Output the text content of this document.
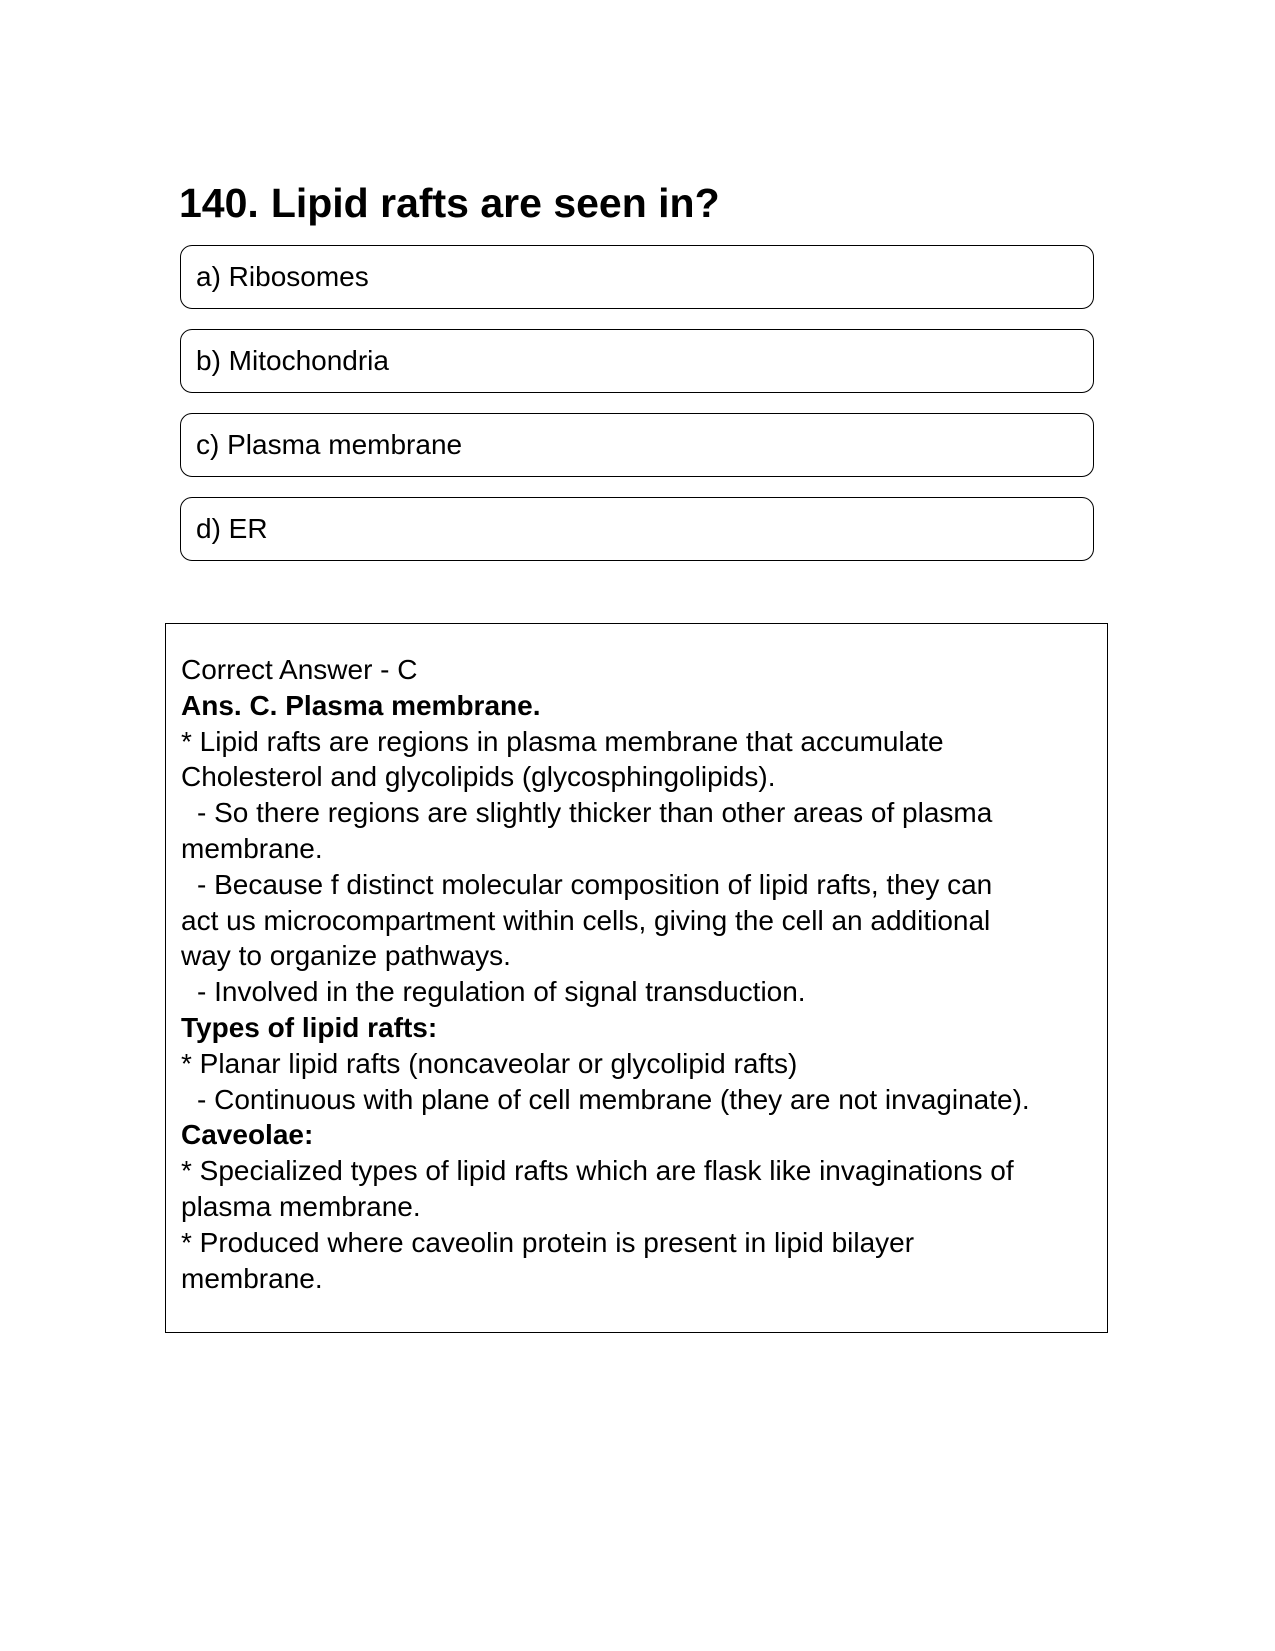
140. Lipid rafts are seen in?
a) Ribosomes
b) Mitochondria
c) Plasma membrane
d) ER

Correct Answer - C

Ans. C. Plasma membrane.

* Lipid rafts are regions in plasma membrane that accumulate

Cholesterol and glycolipids (glycosphingolipids).

- So there regions are slightly thicker than other areas of plasma

membrane.

- Because f distinct molecular composition of lipid rafts, they can

act us microcompartment within cells, giving the cell an additional

way to organize pathways.

- Involved in the regulation of signal transduction.

Types of lipid rafts:

* Planar lipid rafts (noncaveolar or glycolipid rafts)

- Continuous with plane of cell membrane (they are not invaginate).

Caveolae:

* Specialized types of lipid rafts which are flask like invaginations of

plasma membrane.

* Produced where caveolin protein is present in lipid bilayer

membrane.
